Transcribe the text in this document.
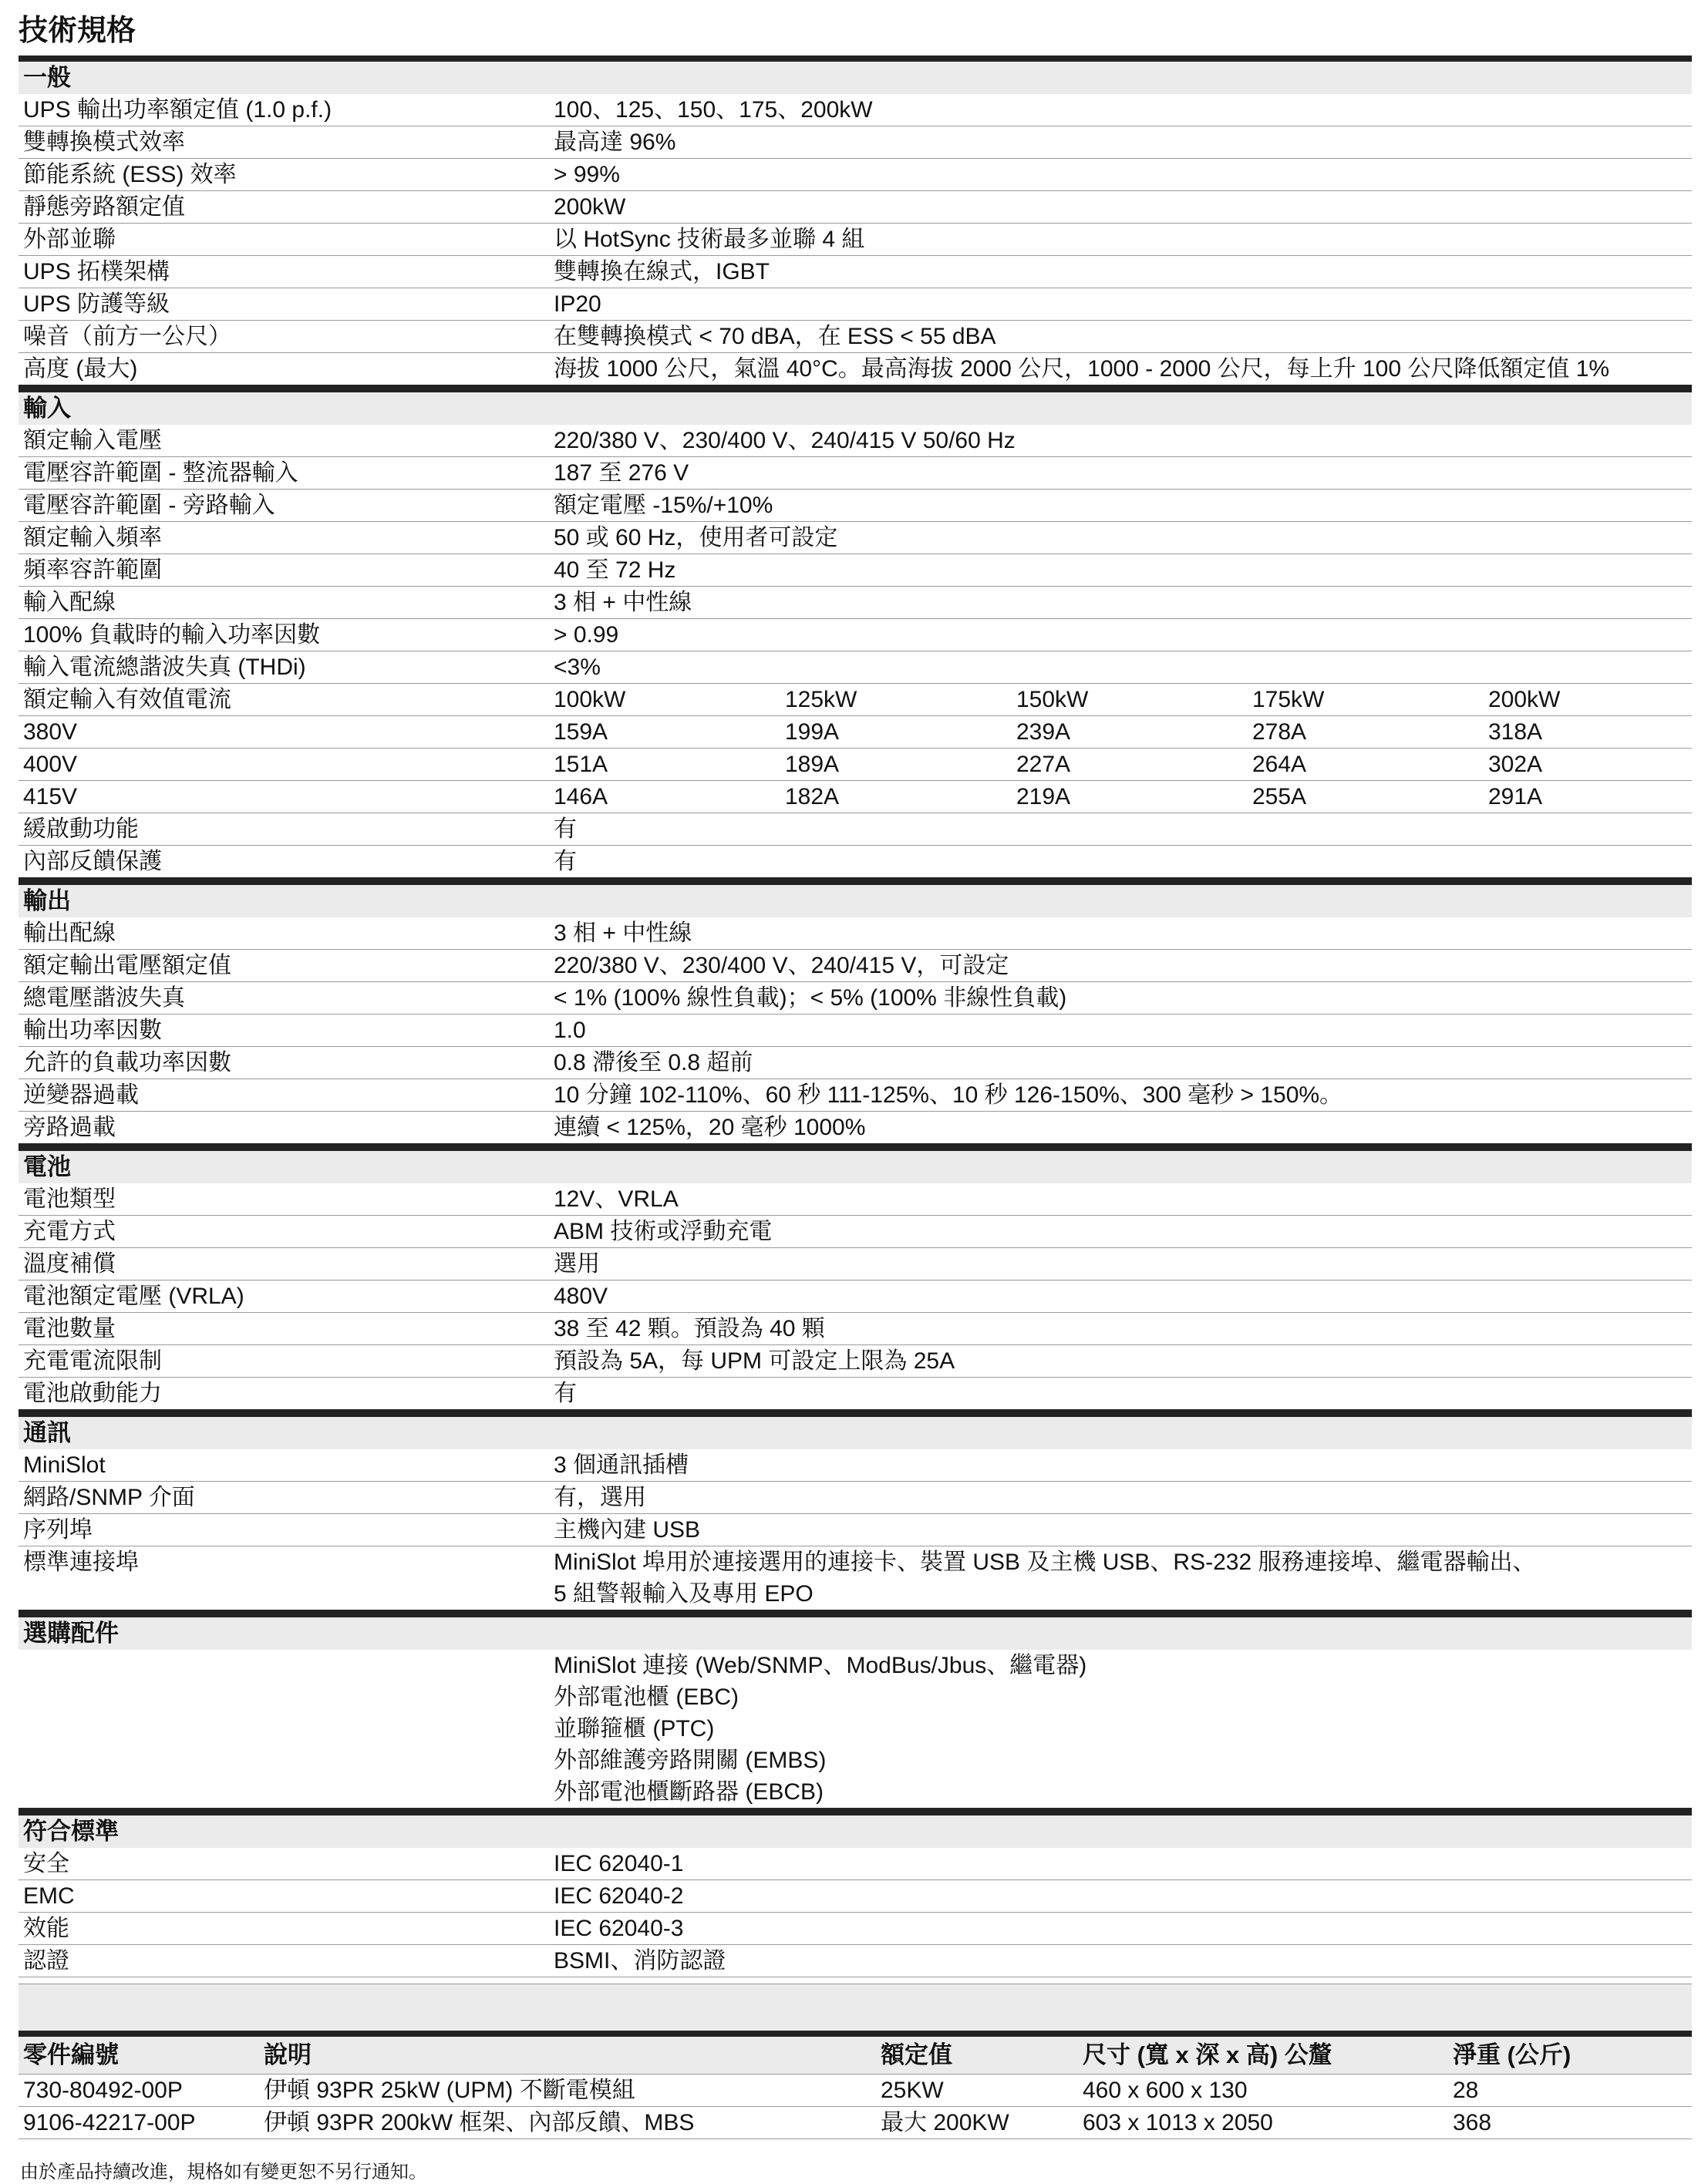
技術規格
一般
UPS 輸出功率額定值 (1.0 p.f.)	100、125、150、175、200kW
雙轉換模式效率	最高達 96%
節能系統 (ESS) 效率	> 99%
靜態旁路額定值	200kW
外部並聯	以 HotSync 技術最多並聯 4 組
UPS 拓樸架構	雙轉換在線式，IGBT
UPS 防護等級	IP20
噪音（前方一公尺）	在雙轉換模式 < 70 dBA，在 ESS < 55 dBA
高度 (最大)	海拔 1000 公尺，氣溫 40°C。最高海拔 2000 公尺，1000 - 2000 公尺，每上升 100 公尺降低額定值 1%
輸入
額定輸入電壓	220/380 V、230/400 V、240/415 V 50/60 Hz
電壓容許範圍 - 整流器輸入	187 至 276 V
電壓容許範圍 - 旁路輸入	額定電壓 -15%/+10%
額定輸入頻率	50 或 60 Hz，使用者可設定
頻率容許範圍	40 至 72 Hz
輸入配線	3 相 + 中性線
100% 負載時的輸入功率因數	> 0.99
輸入電流總諧波失真 (THDi)	<3%
額定輸入有效值電流	100kW	125kW	150kW	175kW	200kW
380V	159A	199A	239A	278A	318A
400V	151A	189A	227A	264A	302A
415V	146A	182A	219A	255A	291A
緩啟動功能	有
內部反饋保護	有
輸出
輸出配線	3 相 + 中性線
額定輸出電壓額定值	220/380 V、230/400 V、240/415 V，可設定
總電壓諧波失真	< 1% (100% 線性負載)；< 5% (100% 非線性負載)
輸出功率因數	1.0
允許的負載功率因數	0.8 滯後至 0.8 超前
逆變器過載	10 分鐘 102-110%、60 秒 111-125%、10 秒 126-150%、300 毫秒 > 150%。
旁路過載	連續 < 125%，20 毫秒 1000%
電池
電池類型	12V、VRLA
充電方式	ABM 技術或浮動充電
溫度補償	選用
電池額定電壓 (VRLA)	480V
電池數量	38 至 42 顆。預設為 40 顆
充電電流限制	預設為 5A，每 UPM 可設定上限為 25A
電池啟動能力	有
通訊
MiniSlot	3 個通訊插槽
網路/SNMP 介面	有，選用
序列埠	主機內建 USB
標準連接埠	MiniSlot 埠用於連接選用的連接卡、裝置 USB 及主機 USB、RS-232 服務連接埠、繼電器輸出、
5 組警報輸入及專用 EPO
選購配件
MiniSlot 連接 (Web/SNMP、ModBus/Jbus、繼電器)
外部電池櫃 (EBC)
並聯箍櫃 (PTC)
外部維護旁路開關 (EMBS)
外部電池櫃斷路器 (EBCB)
符合標準
安全	IEC 62040-1
EMC	IEC 62040-2
效能	IEC 62040-3
認證	BSMI、消防認證
零件編號	說明	額定值	尺寸 (寬 x 深 x 高) 公釐	淨重 (公斤)
730-80492-00P	伊頓 93PR 25kW (UPM) 不斷電模組	25KW	460 x 600 x 130	28
9106-42217-00P	伊頓 93PR 200kW 框架、內部反饋、MBS	最大 200KW	603 x 1013 x 2050	368
由於產品持續改進，規格如有變更恕不另行通知。
